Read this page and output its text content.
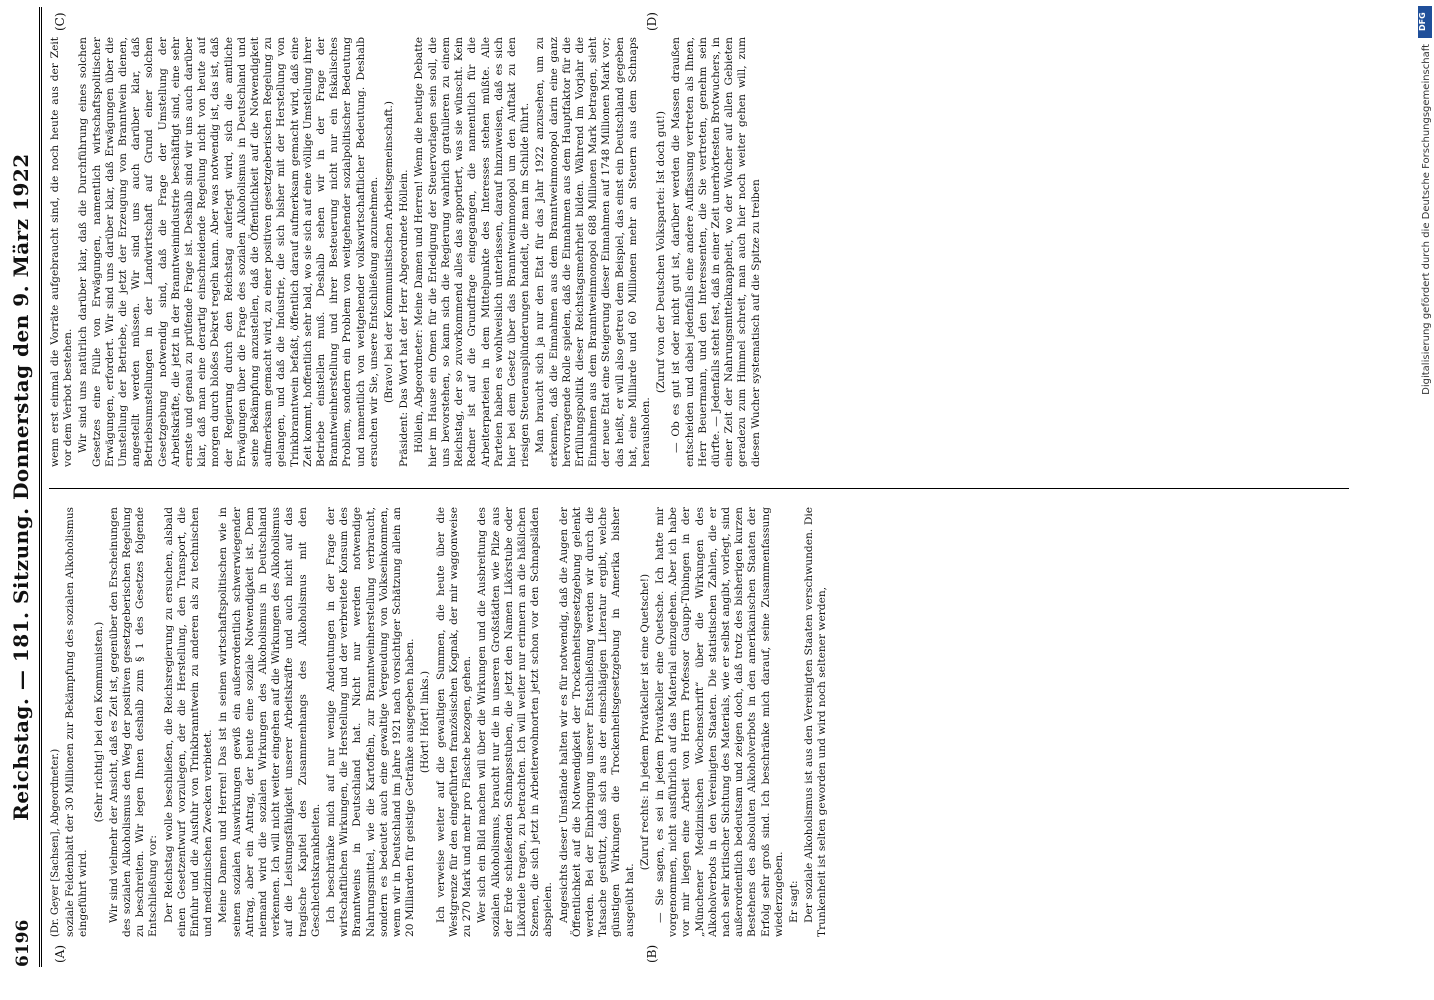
6196
Reichstag. — 181. Sitzung. Donnerstag den 9. März 1922
(A)	(B)
(C)	(D)

(Dr. Geyer [Sachsen], Abgeordneter.) soziale Feldenblatt der 30 Millionen zur Bekämpfung des sozialen Alkoholismus eingeführt wird.

(Sehr richtig! bei den Kommunisten.) Wir sind vielmehr der Ansicht, daß es Zeit ist, gegenüber den Erscheinungen des sozialen Alkoholismus den Weg der positiven gesetzgeberischen Regelung zu beschreiten. Wir legen Ihnen deshalb zum § 1 des Gesetzes folgende Entschließung vor: Der Reichstag wolle beschließen, die Reichsregierung zu ersuchen, alsbald einen Gesetzentwurf vorzulegen, der die Herstellung, den Transport, die Einfuhr und die Ausfuhr von Trinkbranntwein zu anderen als zu technischen und medizinischen Zwecken verbietet. Meine Damen und Herren! Das ist in seinen wirtschaftspolitischen wie in seinen sozialen Auswirkungen gewiß ein außerordentlich schwerwiegender Antrag, aber ein Antrag, der heute eine soziale Notwendigkeit ist. Denn niemand wird die sozialen Wirkungen des Alkoholismus in Deutschland verkennen. Ich will nicht weiter eingehen auf die Wirkungen des Alkoholismus auf die Leistungsfähigkeit unserer Arbeitskräfte und auch nicht auf das tragische Kapitel des Zusammenhangs des Alkoholismus mit den Geschlechtskrankheiten. Ich beschränke mich auf nur wenige Andeutungen in der Frage der wirtschaftlichen Wirkungen, die Herstellung und der verbreitete Konsum des Branntweins in Deutschland hat. Nicht nur werden notwendige Nahrungsmittel, wie die Kartoffeln, zur Branntweinherstellung verbraucht, sondern es bedeutet auch eine gewaltige Vergeudung von Volkseinkommen, wenn wir in Deutschland im Jahre 1921 nach vorsichtiger Schätzung allein an 20 Milliarden für geistige Getränke ausgegeben haben. (Hört! Hört! links.) Ich verweise weiter auf die gewaltigen Summen, die heute über die Westgrenze für den eingeführten französischen Kognak, der mir waggonweise zu 270 Mark und mehr pro Flasche bezogen, gehen. Wer sich ein Bild machen will über die Wirkungen und die Ausbreitung des sozialen Alkoholismus, braucht nur die in unseren Großstädten wie Pilze aus der Erde schießenden Schnapsstuben, die jetzt den Namen Likörstube oder Likördiele tragen, zu betrachten. Ich will weiter nur erinnern an die häßlichen Szenen, die sich jetzt in Arbeiterwohnorten jetzt schon vor den Schnapsläden abspielen. Angesichts dieser Umstände halten wir es für notwendig, daß die Augen der Öffentlichkeit auf die Notwendigkeit der Trockenheitsgesetzgebung gelenkt werden. Bei der Einbringung unserer Entschließung werden wir durch die Tatsache gestützt, daß sich aus der einschlägigen Literatur ergibt, welche günstigen Wirkungen die Trockenheitsgesetzgebung in Amerika bisher ausgeübt hat.

(Zuruf rechts: In jedem Privatkeller ist eine Quetsche!) — Sie sagen, es sei in jedem Privatkeller eine Quetsche. Ich hatte mir vorgenommen, nicht ausführlich auf das Material einzugehen. Aber ich habe vor mir liegen eine Arbeit von Herrn Professor Gaupp-Tübingen in der „Münchener Medizinischen Wochenschrift“ über die Wirkungen des Alkoholverbots in den Vereinigten Staaten. Die statistischen Zahlen, die er nach sehr kritischer Sichtung des Materials, wie er selbst angibt, vorlegt, sind außerordentlich bedeutsam und zeigen doch, daß trotz des bisherigen kurzen Bestehens des absoluten Alkoholverbots in den amerikanischen Staaten der Erfolg sehr groß sind. Ich beschränke mich darauf, seine Zusammenfassung wiederzugeben. Er sagt: Der soziale Alkoholismus ist aus den Vereinigten Staaten verschwunden. Die Trunkenheit ist selten geworden und wird noch seltener werden,

wenn erst einmal die Vorräte aufgebraucht sind, die noch heute aus der Zeit vor dem Verbot bestehen. Wir sind uns natürlich darüber klar, daß die Durchführung eines solchen Gesetzes eine Fülle von Erwägungen, namentlich wirtschaftspolitischer Erwägungen, erfordert. Wir sind uns darüber klar, daß Erwägungen über die Umstellung der Betriebe, die jetzt der Erzeugung von Branntwein dienen, angestellt werden müssen. Wir sind uns auch darüber klar, daß Betriebsumstellungen in der Landwirtschaft auf Grund einer solchen Gesetzgebung notwendig sind, daß die Frage der Umstellung der Arbeitskräfte, die jetzt in der Branntweinindustrie beschäftigt sind, eine sehr ernste und genau zu prüfende Frage ist. Deshalb sind wir uns auch darüber klar, daß man eine derartig einschneidende Regelung nicht von heute auf morgen durch bloßes Dekret regeln kann. Aber was notwendig ist, das ist, daß der Regierung durch den Reichstag auferlegt wird, sich die amtliche Erwägungen über die Frage des sozialen Alkoholismus in Deutschland und seine Bekämpfung anzustellen, daß die Öffentlichkeit auf die Notwendigkeit aufmerksam gemacht wird, zu einer positiven gesetzgeberischen Regelung zu gelangen, und daß die Industrie, die sich bisher mit der Herstellung von Trinkbranntwein befaßt, öffentlich darauf aufmerksam gemacht wird, daß eine Zeit kommt, hoffentlich sehr bald, wo sie sich auf eine völlige Umstellung ihrer Betriebe einstellen muß. Deshalb sehen wir in der Frage der Branntweinherstellung und ihrer Besteuerung nicht nur ein fiskalisches Problem, sondern ein Problem von weitgehender sozialpolitischer Bedeutung und namentlich von weitgehender volkswirtschaftlicher Bedeutung. Deshalb ersuchen wir Sie, unsere Entschließung anzunehmen. (Bravo! bei der Kommunistischen Arbeitsgemeinschaft.) Präsident: Das Wort hat der Herr Abgeordnete Höllein. Höllein, Abgeordneter: Meine Damen und Herren! Wenn die heutige Debatte hier im Hause ein Omen für die Erledigung der Steuervorlagen sein soll, die uns bevorstehen, so kann sich die Regierung wahrlich gratulieren zu einem Reichstag, der so zuvorkommend alles das apportiert, was sie wünscht. Kein Redner ist auf die Grundfrage eingegangen, die namentlich für die Arbeiterparteien in dem Mittelpunkte des Interesses stehen müßte. Alle Parteien haben es wohlweislich unterlassen, darauf hinzuweisen, daß es sich hier bei dem Gesetz über das Branntweinmonopol um den Auftakt zu den riesigen Steuerausplünderungen handelt, die man im Schilde führt. Man braucht sich ja nur den Etat für das Jahr 1922 anzusehen, um zu erkennen, daß die Einnahmen aus dem Branntweinmonopol darin eine ganz hervorragende Rolle spielen, daß die Einnahmen aus dem Hauptfaktor für die Erfüllungspolitik dieser Reichstagsmehrheit bilden. Während im Vorjahr die Einnahmen aus dem Branntweinmonopol 688 Millionen Mark betragen, sieht der neue Etat eine Steigerung dieser Einnahmen auf 1748 Millionen Mark vor; das heißt, er will also getreu dem Beispiel, das einst ein Deutschland gegeben hat, eine Milliarde und 60 Millionen mehr an Steuern aus dem Schnaps herausholen.

(Zuruf von der Deutschen Volkspartei: Ist doch gut!) — Ob es gut ist oder nicht gut ist, darüber werden die Massen draußen entscheiden und dabei jedenfalls eine andere Auffassung vertreten als Ihnen, Herr Beuermann, und den Interessenten, die Sie vertreten, genehm sein dürfte. — Jedenfalls steht fest, daß in einer Zeit unerhörtesten Brotwuchers, in einer Zeit der Nahrungsmittelknappheit, wo der Wucher auf allen Gebieten geradezu zum Himmel schreit, man auch hier noch weiter gehen will, zum diesen Wucher systematisch auf die Spitze zu treiben

DFG
Digitalisierung gefördert durch die Deutsche Forschungsgemeinschaft
